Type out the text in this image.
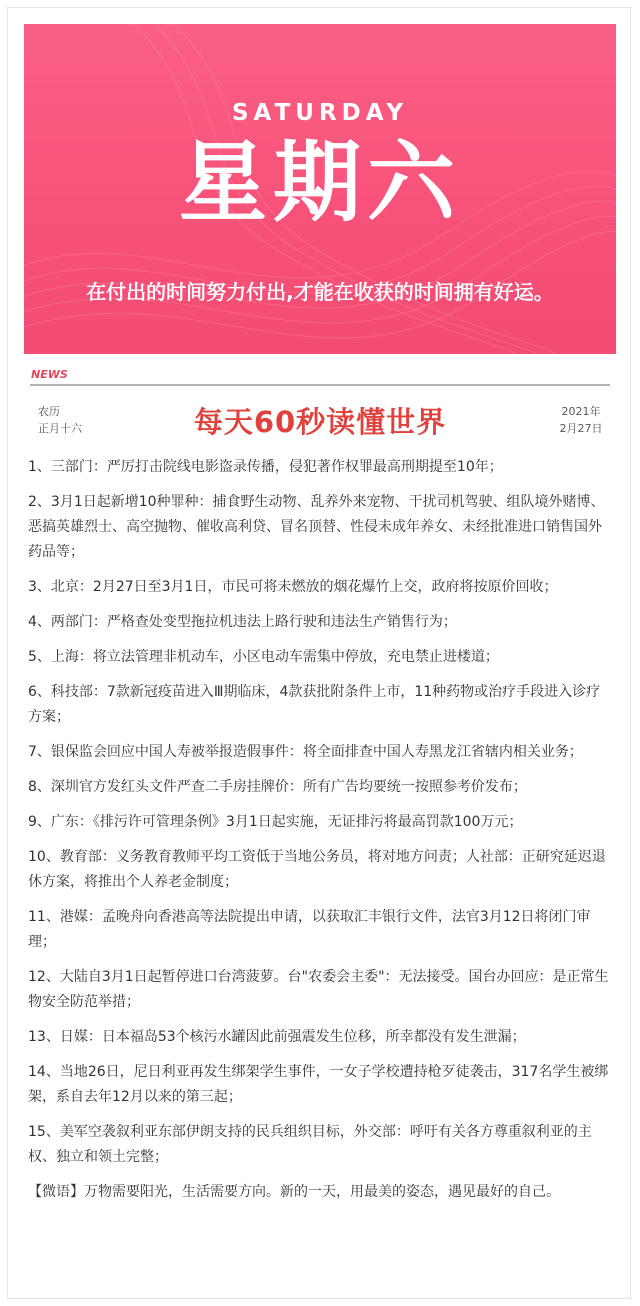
SATURDAY
星期六
在付出的时间努力付出,才能在收获的时间拥有好运。
NEWS
农历
正月十六	每天60秒读懂世界	2021年
2月27日
1、三部门：严厉打击院线电影盗录传播，侵犯著作权罪最高刑期提至10年；
2、3月1日起新增10种罪种：捕食野生动物、乱养外来宠物、干扰司机驾驶、组队境外赌博、恶搞英雄烈士、高空抛物、催收高利贷、冒名顶替、性侵未成年养女、未经批准进口销售国外药品等；
3、北京：2月27日至3月1日，市民可将未燃放的烟花爆竹上交，政府将按原价回收；
4、两部门：严格查处变型拖拉机违法上路行驶和违法生产销售行为；
5、上海：将立法管理非机动车，小区电动车需集中停放，充电禁止进楼道；
6、科技部：7款新冠疫苗进入Ⅲ期临床，4款获批附条件上市，11种药物或治疗手段进入诊疗方案；
7、银保监会回应中国人寿被举报造假事件：将全面排查中国人寿黑龙江省辖内相关业务；
8、深圳官方发红头文件严查二手房挂牌价：所有广告均要统一按照参考价发布；
9、广东：《排污许可管理条例》3月1日起实施，无证排污将最高罚款100万元；
10、教育部：义务教育教师平均工资低于当地公务员，将对地方问责；人社部：正研究延迟退休方案，将推出个人养老金制度；
11、港媒：孟晚舟向香港高等法院提出申请，以获取汇丰银行文件，法官3月12日将闭门审理；
12、大陆自3月1日起暂停进口台湾菠萝。台"农委会主委"：无法接受。国台办回应：是正常生物安全防范举措；
13、日媒：日本福岛53个核污水罐因此前强震发生位移，所幸都没有发生泄漏；
14、当地26日，尼日利亚再发生绑架学生事件，一女子学校遭持枪歹徒袭击，317名学生被绑架，系自去年12月以来的第三起；
15、美军空袭叙利亚东部伊朗支持的民兵组织目标，外交部：呼吁有关各方尊重叙利亚的主权、独立和领土完整；

【微语】万物需要阳光，生活需要方向。新的一天，用最美的姿态，遇见最好的自己。
